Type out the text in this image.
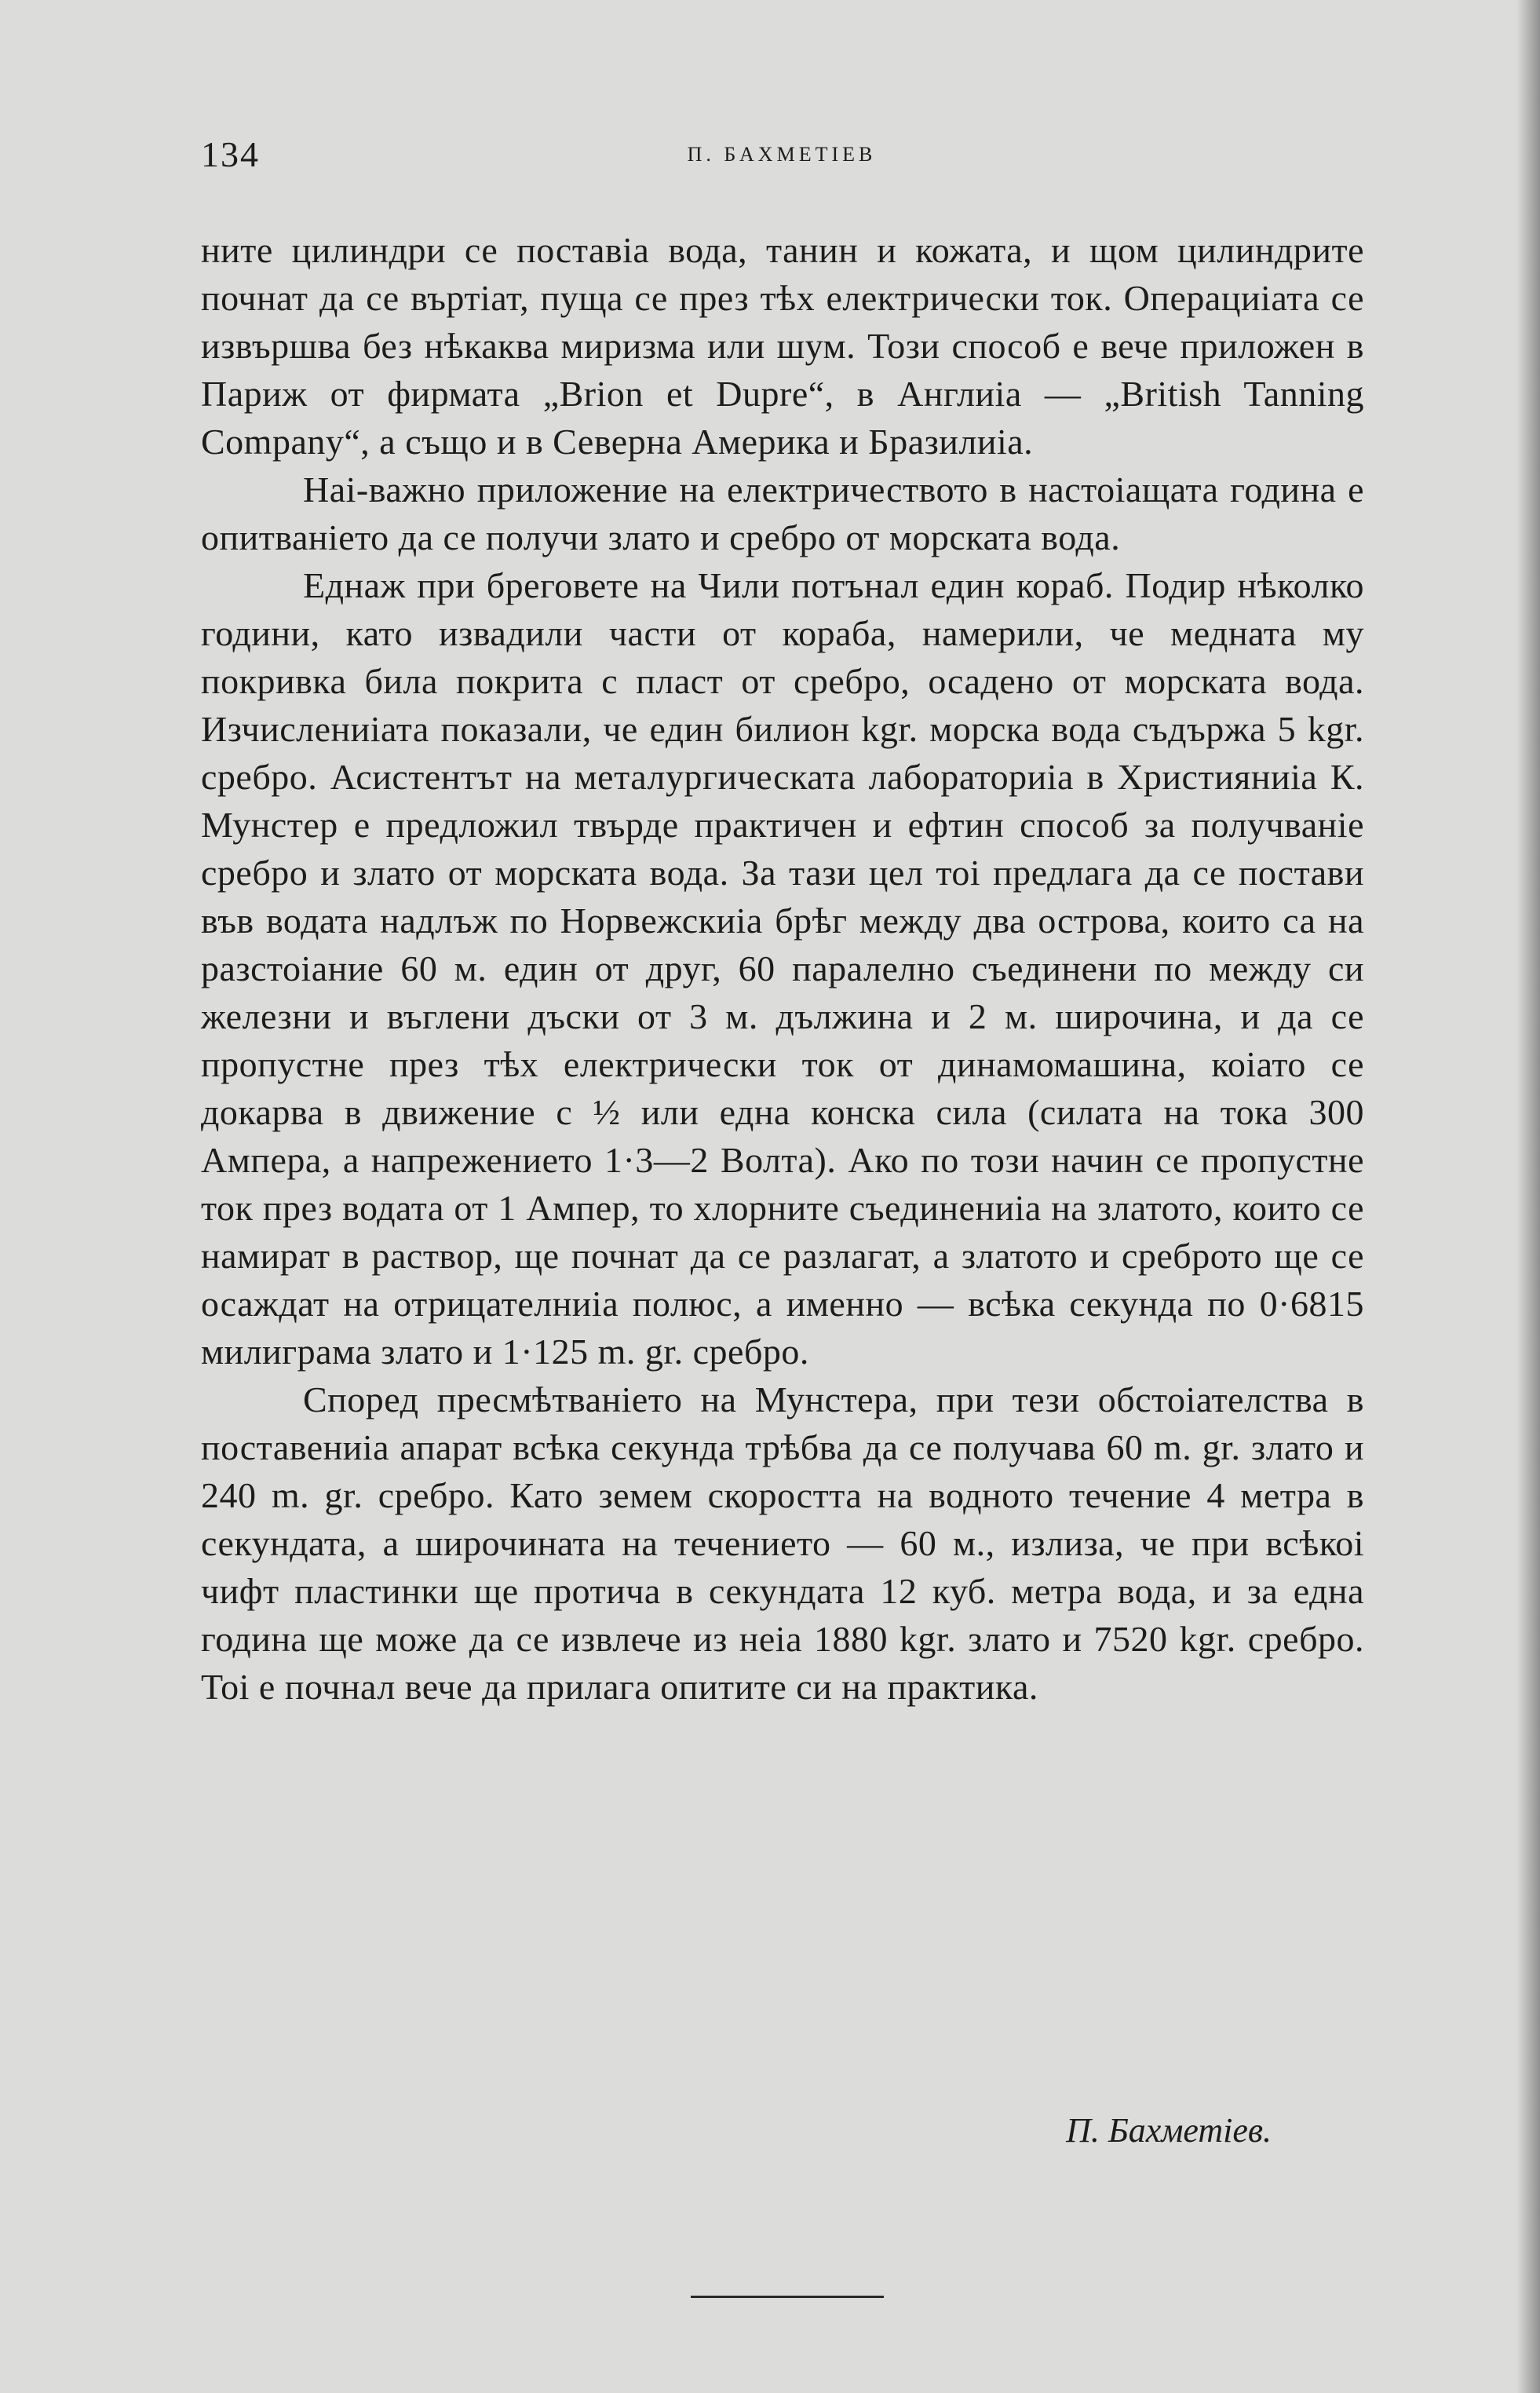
134	П. БАХМЕТІЕВ

ните цилиндри се поставіа вода, танин и кожата, и щом цилиндрите почнат да се въртіат, пуща се през тѣх електрически ток. Операциіата се извършва без нѣкаква миризма или шум. Този способ е вече приложен в Париж от фирмата „Brion et Dupre“, в Англиіа — „British Tanning Company“, а също и в Северна Америка и Бразилиіа.

Наі-важно приложение на електричеството в настоіащата година е опитваніето да се получи злато и сребро от морската вода.

Еднаж при бреговете на Чили потънал един кораб. Подир нѣколко години, като извадили части от кораба, намерили, че медната му покривка била покрита с пласт от сребро, осадено от морската вода. Изчислениіата показали, че един билион kgr. морска вода съдържа 5 kgr. сребро. Асистентът на металургическата лабораториіа в Християниіа К. Мунстер е предложил твърде практичен и ефтин способ за получваніе сребро и злато от морската вода. За тази цел тоі предлага да се постави във водата надлъж по Норвежскиіа брѣг между два острова, които са на разстоіание 60 м. един от друг, 60 паралелно съединени по между си железни и въглени дъски от 3 м. дължина и 2 м. широчина, и да се пропустне през тѣх електрически ток от динамомашина, коіато се докарва в движение с ½ или една конска сила (силата на тока 300 Ампера, а напрежението 1·3—2 Волта). Ако по този начин се пропустне ток през водата от 1 Ампер, то хлорните съединениіа на златото, които се намират в раствор, ще почнат да се разлагат, а златото и среброто ще се осаждат на отрицателниіа полюс, а именно — всѣка секунда по 0·6815 милиграма злато и 1·125 m. gr. сребро.

Според пресмѣтваніето на Мунстера, при тези обстоіателства в поставениіа апарат всѣка секунда трѣбва да се получава 60 m. gr. злато и 240 m. gr. сребро. Като земем скоростта на водното течение 4 метра в секундата, а широчината на течението — 60 м., излиза, че при всѣкоі чифт пластинки ще протича в секундата 12 куб. метра вода, и за една година ще може да се извлече из неіа 1880 kgr. злато и 7520 kgr. сребро. Тоі е почнал вече да прилага опитите си на практика.

П. Бахметіев.
